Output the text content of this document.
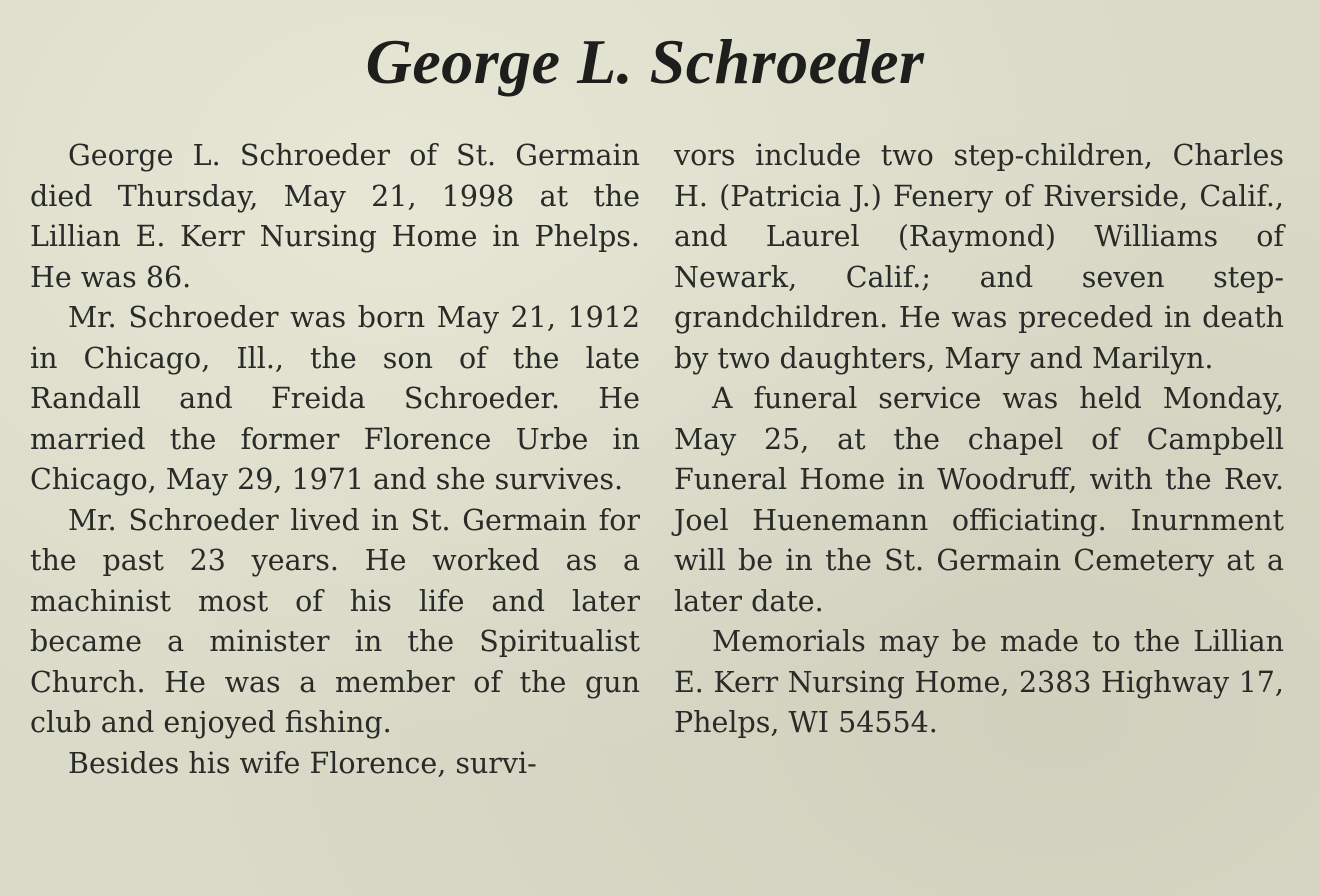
George L. Schroeder

George L. Schroeder of St. Germain died Thursday, May 21, 1998 at the Lillian E. Kerr Nursing Home in Phelps. He was 86.

Mr. Schroeder was born May 21, 1912 in Chicago, Ill., the son of the late Randall and Freida Schroeder. He married the former Florence Urbe in Chicago, May 29, 1971 and she survives.

Mr. Schroeder lived in St. Germain for the past 23 years. He worked as a machinist most of his life and later became a minister in the Spiritualist Church. He was a member of the gun club and enjoyed fishing.

Besides his wife Florence, survi-

vors include two step-children, Charles H. (Patricia J.) Fenery of Riverside, Calif., and Laurel (Raymond) Williams of Newark, Calif.; and seven step-grandchildren. He was preceded in death by two daughters, Mary and Marilyn.

A funeral service was held Monday, May 25, at the chapel of Campbell Funeral Home in Woodruff, with the Rev. Joel Huenemann officiating. Inurnment will be in the St. Germain Cemetery at a later date.

Memorials may be made to the Lillian E. Kerr Nursing Home, 2383 Highway 17, Phelps, WI 54554.
